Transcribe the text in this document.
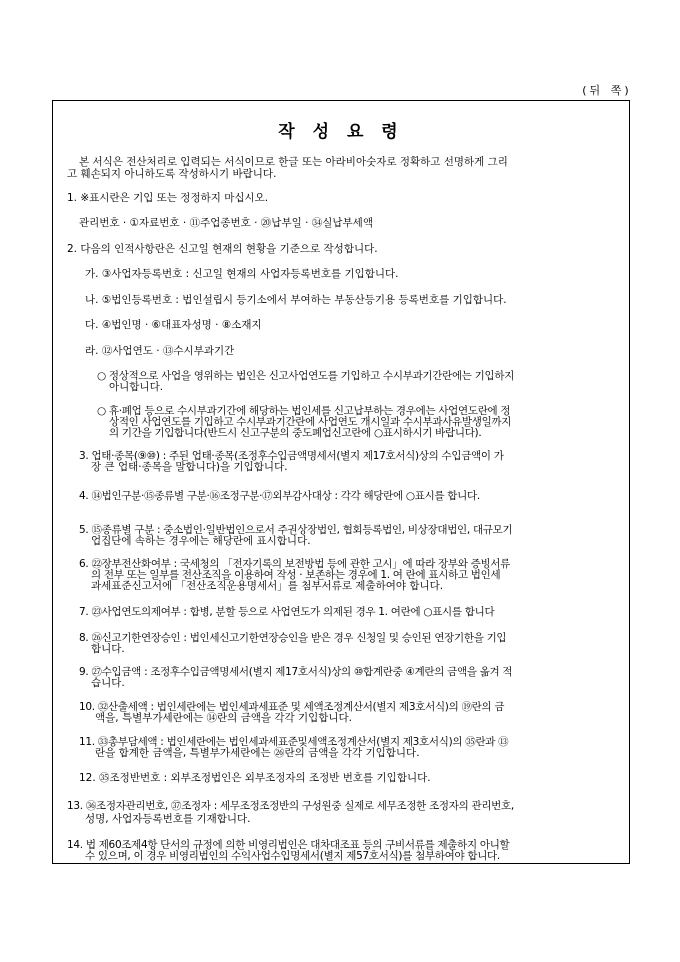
(뒤 쪽)
작 성 요 령
본 서식은 전산처리로 입력되는 서식이므로 한글 또는 아라비아숫자로 정확하고 선명하게 그리
고 훼손되지 아니하도록 작성하시기 바랍니다.
1. ※표시란은 기입 또는 정정하지 마십시오.
관리번호 · ①자료번호 · ⑪주업종번호 · ⑳납부일 · ㉞실납부세액
2. 다음의 인적사항란은 신고일 현재의 현황을 기준으로 작성합니다.
가. ③사업자등록번호 : 신고일 현재의 사업자등록번호를 기입합니다.
나. ⑤법인등록번호 : 법인설립시 등기소에서 부여하는 부동산등기용 등록번호를 기입합니다.
다. ④법인명 · ⑥대표자성명 · ⑧소재지
라. ⑫사업연도 · ⑬수시부과기간
○ 정상적으로 사업을 영위하는 법인은 신고사업연도를 기입하고 수시부과기간란에는 기입하지
아니합니다.
○ 휴·폐업 등으로 수시부과기간에 해당하는 법인세를 신고납부하는 경우에는 사업연도란에 정
상적인 사업연도를 기입하고 수시부과기간란에 사업연도 개시일과 수시부과사유발생일까지
의 기간을 기입합니다(반드시 신고구분의 중도폐업신고란에 ○표시하시기 바랍니다).
3. 업태·종목(⑨⑩) : 주된 업태·종목(조정후수입금액명세서(별지 제17호서식)상의 수입금액이 가
장 큰 업태·종목을 말합니다)을 기입합니다.
4. ⑭법인구분·⑮종류별 구분·⑯조정구분·⑰외부감사대상 : 각각 해당란에 ○표시를 합니다.
5. ⑮종류별 구분 : 중소법인·일반법인으로서 주권상장법인, 협회등록법인, 비상장대법인, 대규모기
업집단에 속하는 경우에는 해당란에 표시합니다.
6. ㉒장부전산화여부 : 국세청의 「전자기록의 보전방법 등에 관한 고시」에 따라 장부와 증빙서류
의 전부 또는 일부를 전산조직을 이용하여 작성 · 보존하는 경우에 1. 여 란에 표시하고 법인세
과세표준신고서에 「전산조직운용명세서」를 첨부서류로 제출하여야 합니다.
7. ㉓사업연도의제여부 : 합병, 분할 등으로 사업연도가 의제된 경우 1. 여란에 ○표시를 합니다
8. ㉖신고기한연장승인 : 법인세신고기한연장승인을 받은 경우 신청일 및 승인된 연장기한을 기입
합니다.
9. ㉗수입금액 : 조정후수입금액명세서(별지 제17호서식)상의 ⑩합계란중 ④계란의 금액을 옮겨 적
습니다.
10. ㉜산출세액 : 법인세란에는 법인세과세표준 및 세액조정계산서(별지 제3호서식)의 ⑲란의 금
액을, 특별부가세란에는 ⑭란의 금액을 각각 기입합니다.
11. ㉝총부담세액 : 법인세란에는 법인세과세표준및세액조정계산서(별지 제3호서식)의 ㉟란과 ⑬
란을 합계한 금액을, 특별부가세란에는 ㉖란의 금액을 각각 기입합니다.
12. ㉟조정반번호 : 외부조정법인은 외부조정자의 조정반 번호를 기입합니다.
13. ㊱조정자관리번호, ㊲조정자 : 세무조정조정반의 구성원중 실제로 세무조정한 조정자의 관리번호,
성명, 사업자등록번호를 기재합니다.
14. 법 제60조제4항 단서의 규정에 의한 비영리법인은 대차대조표 등의 구비서류를 제출하지 아니할
수 있으며, 이 경우 비영리법인의 수익사업수입명세서(별지 제57호서식)를 첨부하여야 합니다.
